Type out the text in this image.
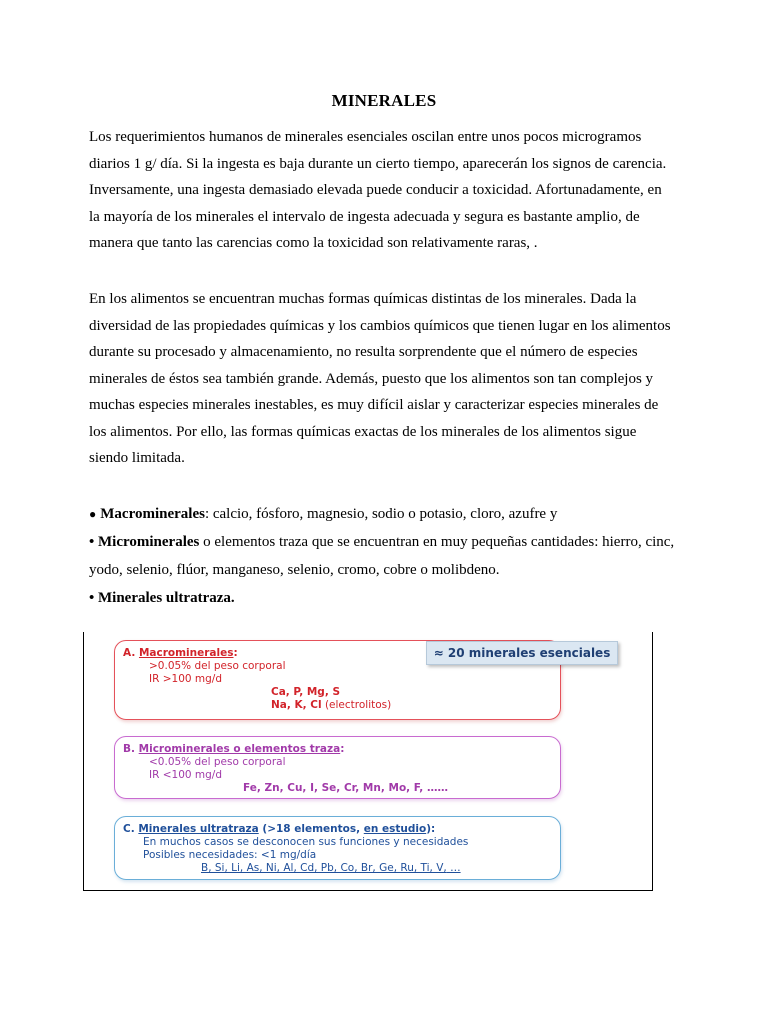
MINERALES
Los requerimientos humanos de minerales esenciales oscilan entre unos pocos microgramos
diarios 1 g/ día. Si la ingesta es baja durante un cierto tiempo, aparecerán los signos de carencia.
Inversamente, una ingesta demasiado elevada puede conducir a toxicidad. Afortunadamente, en
la mayoría de los minerales el intervalo de ingesta adecuada y segura es bastante amplio, de
manera que tanto las carencias como la toxicidad son relativamente raras, .
En los alimentos se encuentran muchas formas químicas distintas de los minerales. Dada la
diversidad de las propiedades químicas y los cambios químicos que tienen lugar en los alimentos
durante su procesado y almacenamiento, no resulta sorprendente que el número de especies
minerales de éstos sea también grande. Además, puesto que los alimentos son tan complejos y
muchas especies minerales inestables, es muy difícil aislar y caracterizar especies minerales de
los alimentos. Por ello, las formas químicas exactas de los minerales de los alimentos sigue
siendo limitada.
● Macrominerales: calcio, fósforo, magnesio, sodio o potasio, cloro, azufre y
• Microminerales o elementos traza que se encuentran en muy pequeñas cantidades: hierro, cinc,
yodo, selenio, flúor, manganeso, selenio, cromo, cobre o molibdeno.
• Minerales ultratraza.
A. Macrominerales:
>0.05% del peso corporal
IR >100 mg/d
Ca, P, Mg, S
Na, K, Cl (electrolitos)
≈ 20 minerales esenciales
B. Microminerales o elementos traza:
<0.05% del peso corporal
IR <100 mg/d
Fe, Zn, Cu, I, Se, Cr, Mn, Mo, F, ……
C. Minerales ultratraza (>18 elementos, en estudio):
En muchos casos se desconocen sus funciones y necesidades
Posibles necesidades: <1 mg/día
B, Si, Li, As, Ni, Al, Cd, Pb, Co, Br, Ge, Ru, Ti, V, …
